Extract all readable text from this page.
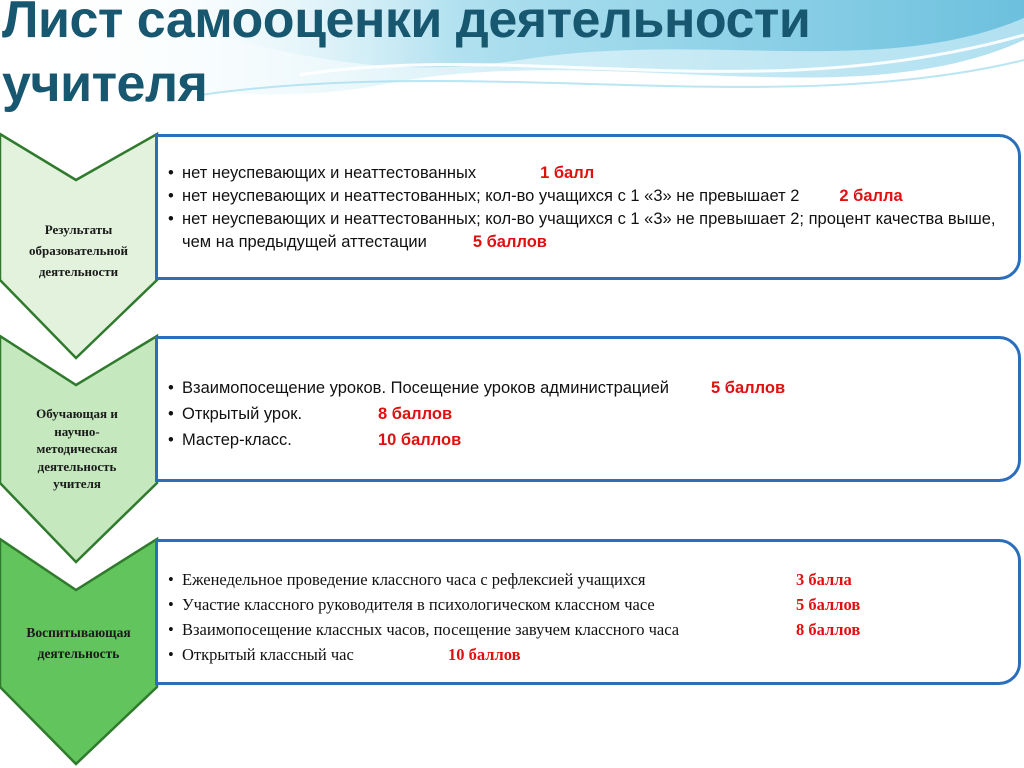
Лист самооценки деятельности учителя
Результаты образовательной деятельности
Обучающая и научно-методическая деятельность учителя
Воспитывающая деятельность
• нет неуспевающих и неаттестованных	1 балл
• нет неуспевающих и неаттестованных; кол-во учащихся с 1 «3» не превышает 2 2 балла
• нет неуспевающих и неаттестованных; кол-во учащихся с 1 «3» не превышает 2; процент качества выше, чем на предыдущей аттестации	5 баллов
• Взаимопосещение уроков. Посещение уроков администрацией	5 баллов
• Открытый урок.	8 баллов
• Мастер-класс.	10 баллов
• Еженедельное проведение классного часа с рефлексией учащихся	3 балла
• Участие классного руководителя в психологическом классном часе	5 баллов
• Взаимопосещение классных часов, посещение завучем классного часа	8 баллов
• Открытый классный час	10 баллов
